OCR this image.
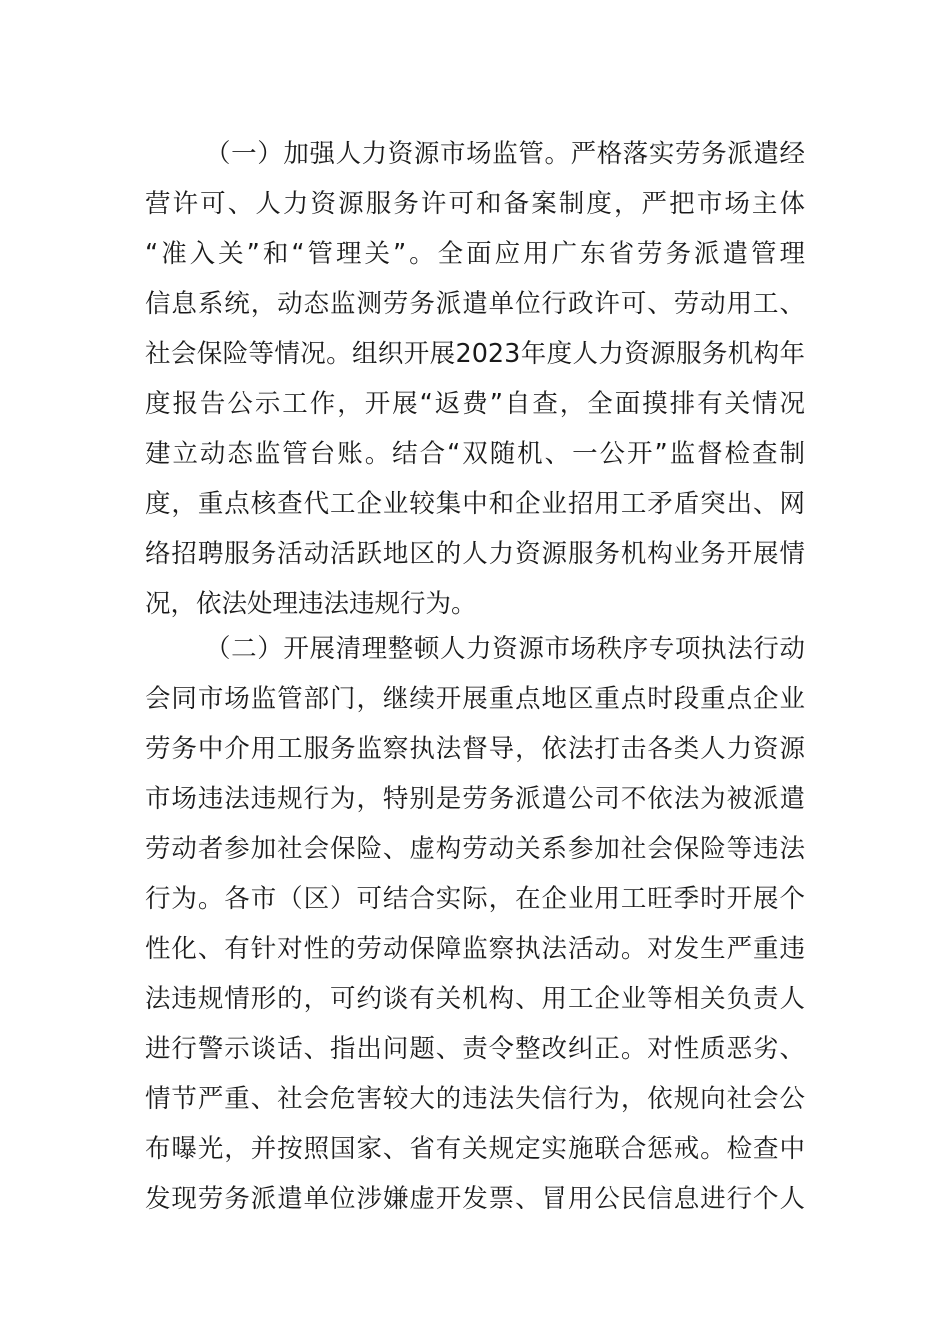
（一）加强人力资源市场监管。严格落实劳务派遣经
营许可、人力资源服务许可和备案制度，严把市场主体
“准入关”和“管理关”。全面应用广东省劳务派遣管理
信息系统，动态监测劳务派遣单位行政许可、劳动用工、
社会保险等情况。组织开展2023年度人力资源服务机构年
度报告公示工作，开展“返费”自查，全面摸排有关情况
建立动态监管台账。结合“双随机、一公开”监督检查制
度，重点核查代工企业较集中和企业招用工矛盾突出、网
络招聘服务活动活跃地区的人力资源服务机构业务开展情
况，依法处理违法违规行为。
（二）开展清理整顿人力资源市场秩序专项执法行动
会同市场监管部门，继续开展重点地区重点时段重点企业
劳务中介用工服务监察执法督导，依法打击各类人力资源
市场违法违规行为，特别是劳务派遣公司不依法为被派遣
劳动者参加社会保险、虚构劳动关系参加社会保险等违法
行为。各市（区）可结合实际，在企业用工旺季时开展个
性化、有针对性的劳动保障监察执法活动。对发生严重违
法违规情形的，可约谈有关机构、用工企业等相关负责人
进行警示谈话、指出问题、责令整改纠正。对性质恶劣、
情节严重、社会危害较大的违法失信行为，依规向社会公
布曝光，并按照国家、省有关规定实施联合惩戒。检查中
发现劳务派遣单位涉嫌虚开发票、冒用公民信息进行个人
